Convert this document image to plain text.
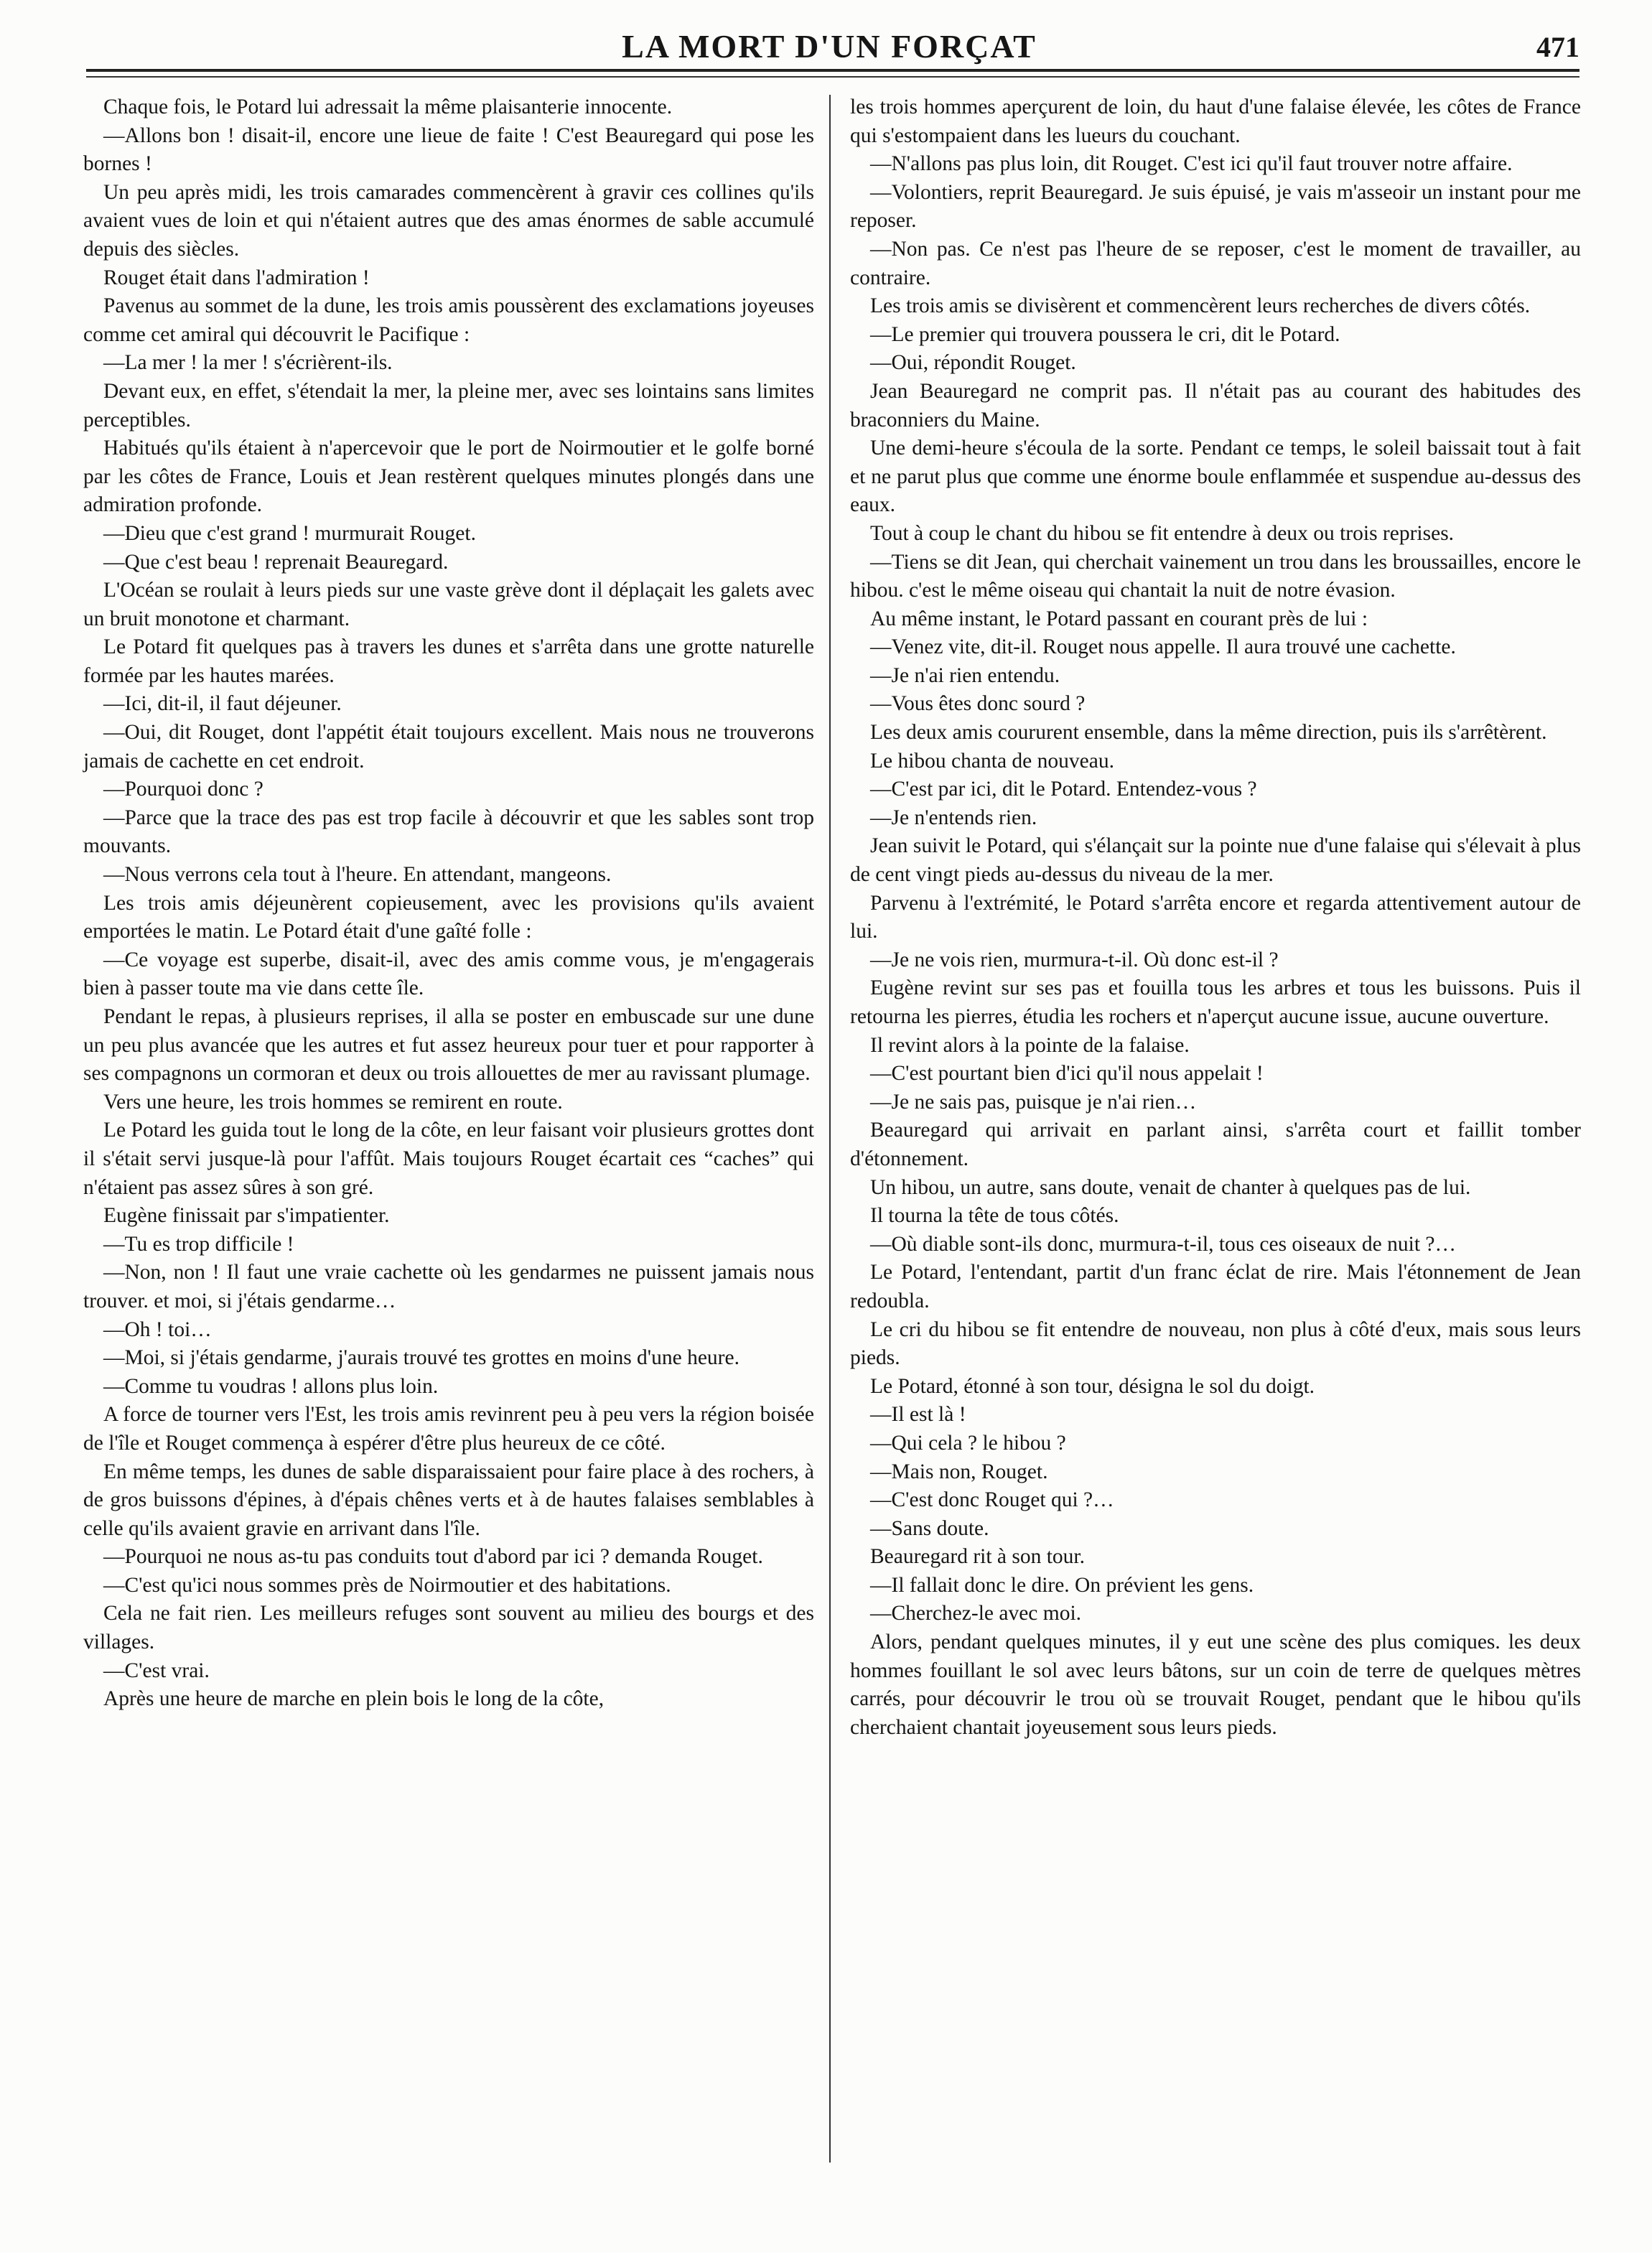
LA MORT D'UN FORÇAT	471

Chaque fois, le Potard lui adressait la même plaisanterie innocente.

—Allons bon ! disait-il, encore une lieue de faite ! C'est Beauregard qui pose les bornes !

Un peu après midi, les trois camarades commencèrent à gravir ces collines qu'ils avaient vues de loin et qui n'étaient autres que des amas énormes de sable accumulé depuis des siècles.

Rouget était dans l'admiration !

Pavenus au sommet de la dune, les trois amis poussèrent des exclamations joyeuses comme cet amiral qui découvrit le Pacifique :

—La mer ! la mer ! s'écrièrent-ils.

Devant eux, en effet, s'étendait la mer, la pleine mer, avec ses lointains sans limites perceptibles.

Habitués qu'ils étaient à n'apercevoir que le port de Noirmoutier et le golfe borné par les côtes de France, Louis et Jean restèrent quelques minutes plongés dans une admiration profonde.

—Dieu que c'est grand ! murmurait Rouget.

—Que c'est beau ! reprenait Beauregard.

L'Océan se roulait à leurs pieds sur une vaste grève dont il déplaçait les galets avec un bruit monotone et charmant.

Le Potard fit quelques pas à travers les dunes et s'arrêta dans une grotte naturelle formée par les hautes marées.

—Ici, dit-il, il faut déjeuner.

—Oui, dit Rouget, dont l'appétit était toujours excellent. Mais nous ne trouverons jamais de cachette en cet endroit.

—Pourquoi donc ?

—Parce que la trace des pas est trop facile à découvrir et que les sables sont trop mouvants.

—Nous verrons cela tout à l'heure. En attendant, mangeons.

Les trois amis déjeunèrent copieusement, avec les provisions qu'ils avaient emportées le matin. Le Potard était d'une gaîté folle :

—Ce voyage est superbe, disait-il, avec des amis comme vous, je m'engagerais bien à passer toute ma vie dans cette île.

Pendant le repas, à plusieurs reprises, il alla se poster en embuscade sur une dune un peu plus avancée que les autres et fut assez heureux pour tuer et pour rapporter à ses compagnons un cormoran et deux ou trois allouettes de mer au ravissant plumage.

Vers une heure, les trois hommes se remirent en route.

Le Potard les guida tout le long de la côte, en leur faisant voir plusieurs grottes dont il s'était servi jusque-là pour l'affût. Mais toujours Rouget écartait ces “caches” qui n'étaient pas assez sûres à son gré.

Eugène finissait par s'impatienter.

—Tu es trop difficile !

—Non, non ! Il faut une vraie cachette où les gendarmes ne puissent jamais nous trouver. et moi, si j'étais gendarme…

—Oh ! toi…

—Moi, si j'étais gendarme, j'aurais trouvé tes grottes en moins d'une heure.

—Comme tu voudras ! allons plus loin.

A force de tourner vers l'Est, les trois amis revinrent peu à peu vers la région boisée de l'île et Rouget commença à espérer d'être plus heureux de ce côté.

En même temps, les dunes de sable disparaissaient pour faire place à des rochers, à de gros buissons d'épines, à d'épais chênes verts et à de hautes falaises semblables à celle qu'ils avaient gravie en arrivant dans l'île.

—Pourquoi ne nous as-tu pas conduits tout d'abord par ici ? demanda Rouget.

—C'est qu'ici nous sommes près de Noirmoutier et des habitations.

Cela ne fait rien. Les meilleurs refuges sont souvent au milieu des bourgs et des villages.

—C'est vrai.

Après une heure de marche en plein bois le long de la côte,

les trois hommes aperçurent de loin, du haut d'une falaise élevée, les côtes de France qui s'estompaient dans les lueurs du couchant.

—N'allons pas plus loin, dit Rouget. C'est ici qu'il faut trouver notre affaire.

—Volontiers, reprit Beauregard. Je suis épuisé, je vais m'asseoir un instant pour me reposer.

—Non pas. Ce n'est pas l'heure de se reposer, c'est le moment de travailler, au contraire.

Les trois amis se divisèrent et commencèrent leurs recherches de divers côtés.

—Le premier qui trouvera poussera le cri, dit le Potard.

—Oui, répondit Rouget.

Jean Beauregard ne comprit pas. Il n'était pas au courant des habitudes des braconniers du Maine.

Une demi-heure s'écoula de la sorte. Pendant ce temps, le soleil baissait tout à fait et ne parut plus que comme une énorme boule enflammée et suspendue au-dessus des eaux.

Tout à coup le chant du hibou se fit entendre à deux ou trois reprises.

—Tiens se dit Jean, qui cherchait vainement un trou dans les broussailles, encore le hibou. c'est le même oiseau qui chantait la nuit de notre évasion.

Au même instant, le Potard passant en courant près de lui :

—Venez vite, dit-il. Rouget nous appelle. Il aura trouvé une cachette.

—Je n'ai rien entendu.

—Vous êtes donc sourd ?

Les deux amis coururent ensemble, dans la même direction, puis ils s'arrêtèrent.

Le hibou chanta de nouveau.

—C'est par ici, dit le Potard. Entendez-vous ?

—Je n'entends rien.

Jean suivit le Potard, qui s'élançait sur la pointe nue d'une falaise qui s'élevait à plus de cent vingt pieds au-dessus du niveau de la mer.

Parvenu à l'extrémité, le Potard s'arrêta encore et regarda attentivement autour de lui.

—Je ne vois rien, murmura-t-il. Où donc est-il ?

Eugène revint sur ses pas et fouilla tous les arbres et tous les buissons. Puis il retourna les pierres, étudia les rochers et n'aperçut aucune issue, aucune ouverture.

Il revint alors à la pointe de la falaise.

—C'est pourtant bien d'ici qu'il nous appelait !

—Je ne sais pas, puisque je n'ai rien…

Beauregard qui arrivait en parlant ainsi, s'arrêta court et faillit tomber d'étonnement.

Un hibou, un autre, sans doute, venait de chanter à quelques pas de lui.

Il tourna la tête de tous côtés.

—Où diable sont-ils donc, murmura-t-il, tous ces oiseaux de nuit ?…

Le Potard, l'entendant, partit d'un franc éclat de rire. Mais l'étonnement de Jean redoubla.

Le cri du hibou se fit entendre de nouveau, non plus à côté d'eux, mais sous leurs pieds.

Le Potard, étonné à son tour, désigna le sol du doigt.

—Il est là !

—Qui cela ? le hibou ?

—Mais non, Rouget.

—C'est donc Rouget qui ?…

—Sans doute.

Beauregard rit à son tour.

—Il fallait donc le dire. On prévient les gens.

—Cherchez-le avec moi.

Alors, pendant quelques minutes, il y eut une scène des plus comiques. les deux hommes fouillant le sol avec leurs bâtons, sur un coin de terre de quelques mètres carrés, pour découvrir le trou où se trouvait Rouget, pendant que le hibou qu'ils cherchaient chantait joyeusement sous leurs pieds.
